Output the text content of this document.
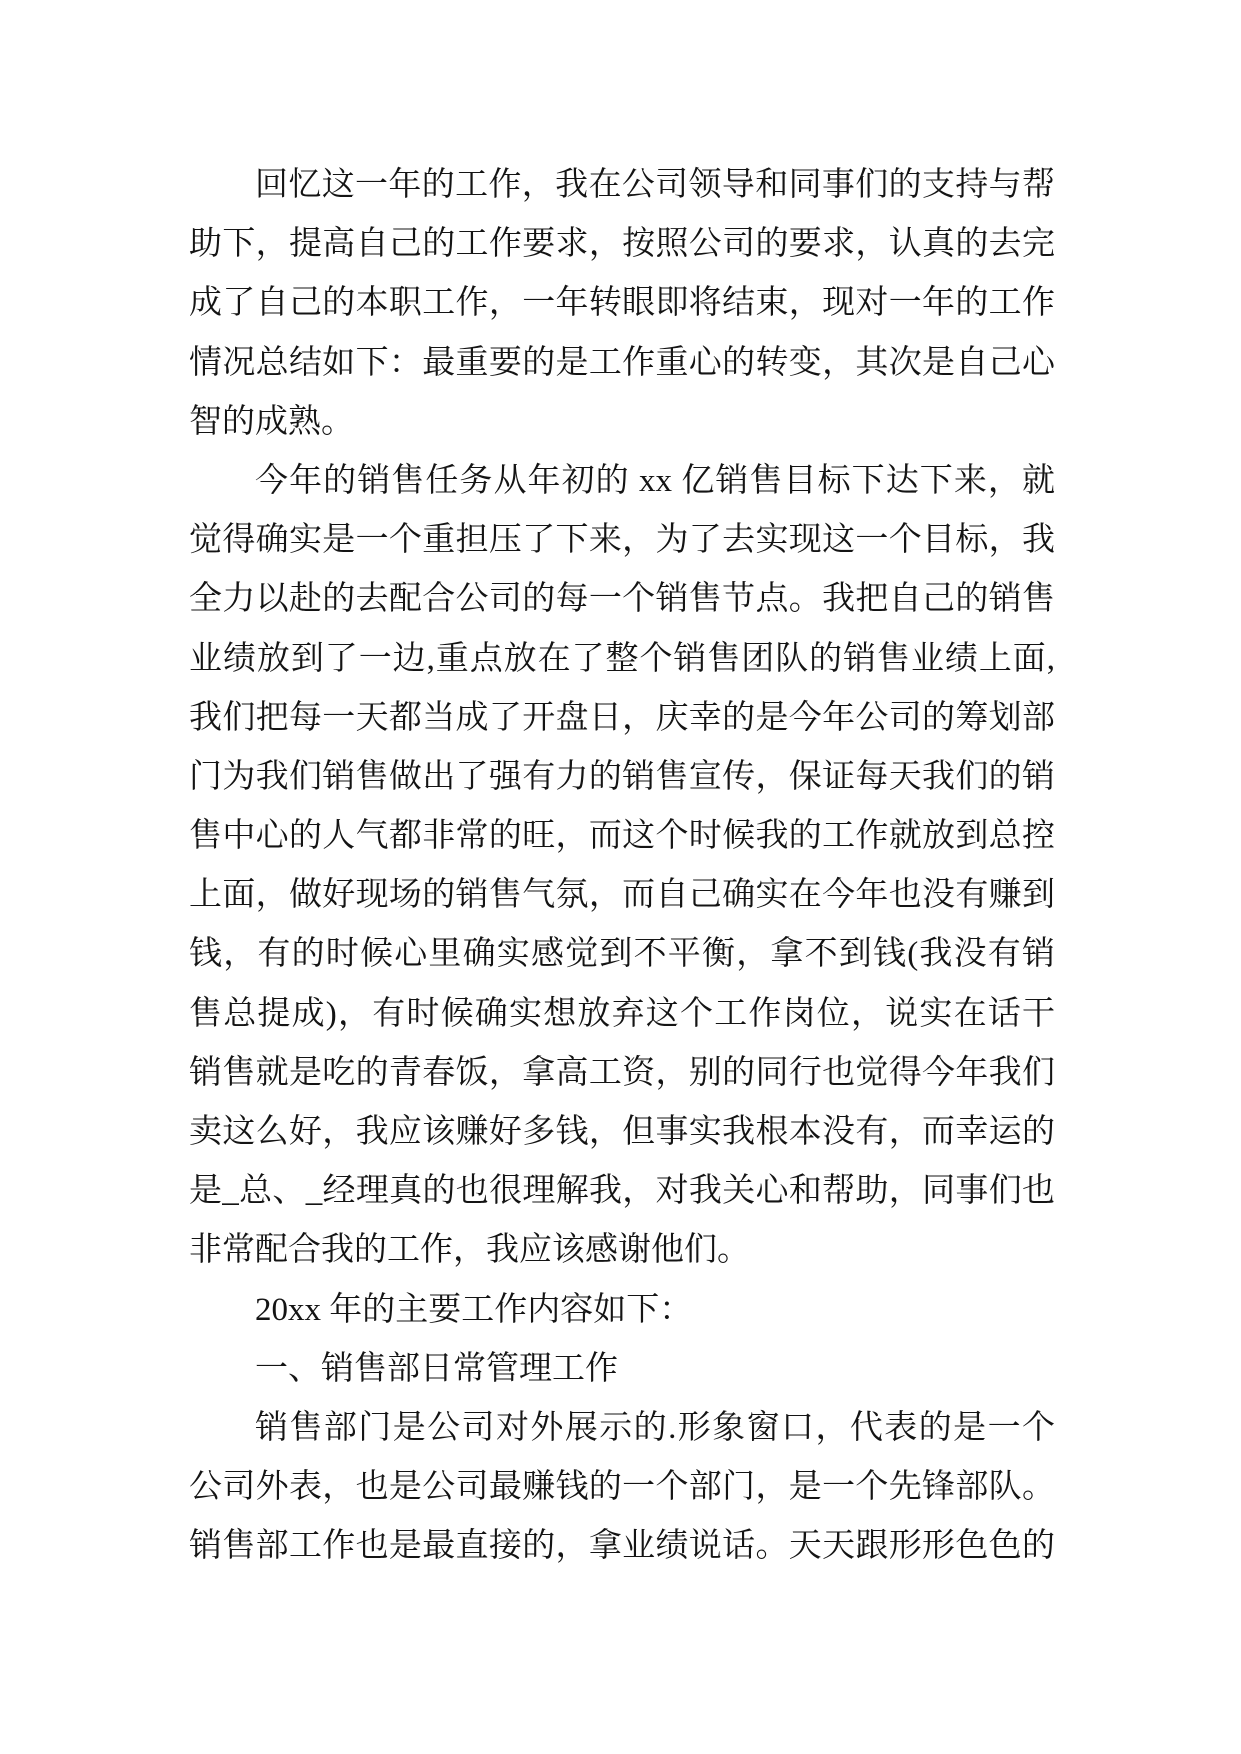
回忆这一年的工作，我在公司领导和同事们的支持与帮
助下，提高自己的工作要求，按照公司的要求，认真的去完
成了自己的本职工作，一年转眼即将结束，现对一年的工作
情况总结如下：最重要的是工作重心的转变，其次是自己心
智的成熟。
今年的销售任务从年初的 xx 亿销售目标下达下来，就
觉得确实是一个重担压了下来，为了去实现这一个目标，我
全力以赴的去配合公司的每一个销售节点。我把自己的销售
业绩放到了一边,重点放在了整个销售团队的销售业绩上面,
我们把每一天都当成了开盘日，庆幸的是今年公司的筹划部
门为我们销售做出了强有力的销售宣传，保证每天我们的销
售中心的人气都非常的旺，而这个时候我的工作就放到总控
上面，做好现场的销售气氛，而自己确实在今年也没有赚到
钱，有的时候心里确实感觉到不平衡，拿不到钱(我没有销
售总提成)，有时候确实想放弃这个工作岗位，说实在话干
销售就是吃的青春饭，拿高工资，别的同行也觉得今年我们
卖这么好，我应该赚好多钱，但事实我根本没有，而幸运的
是_总、_经理真的也很理解我，对我关心和帮助，同事们也
非常配合我的工作，我应该感谢他们。
20xx 年的主要工作内容如下：
一、销售部日常管理工作
销售部门是公司对外展示的.形象窗口，代表的是一个
公司外表，也是公司最赚钱的一个部门，是一个先锋部队。
销售部工作也是最直接的，拿业绩说话。天天跟形形色色的
